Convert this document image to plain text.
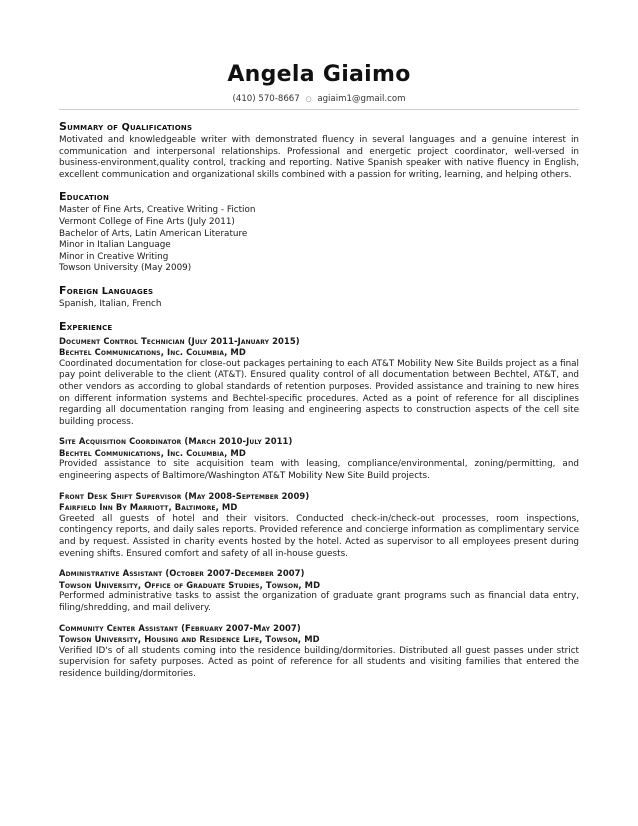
Angela Giaimo
(410) 570-8667 ○ agiaim1@gmail.com
Summary of Qualifications

Motivated and knowledgeable writer with demonstrated fluency in several languages and a genuine interest in communication and interpersonal relationships. Professional and energetic project coordinator, well-versed in business-environment,quality control, tracking and reporting. Native Spanish speaker with native fluency in English, excellent communication and organizational skills combined with a passion for writing, learning, and helping others.

Education

Master of Fine Arts, Creative Writing - Fiction

Vermont College of Fine Arts (July 2011)

Bachelor of Arts, Latin American Literature

Minor in Italian Language

Minor in Creative Writing

Towson University (May 2009)

Foreign Languages

Spanish, Italian, French

Experience

Document Control Technician (July 2011-January 2015)

Bechtel Communications, Inc. Columbia, MD

Coordinated documentation for close-out packages pertaining to each AT&T Mobility New Site Builds project as a final pay point deliverable to the client (AT&T). Ensured quality control of all documentation between Bechtel, AT&T, and other vendors as according to global standards of retention purposes. Provided assistance and training to new hires on different information systems and Bechtel-specific procedures. Acted as a point of reference for all disciplines regarding all documentation ranging from leasing and engineering aspects to construction aspects of the cell site building process.

Site Acquisition Coordinator (March 2010-July 2011)

Bechtel Communications, Inc. Columbia, MD

Provided assistance to site acquisition team with leasing, compliance/environmental, zoning/permitting, and engineering aspects of Baltimore/Washington AT&T Mobility New Site Build projects.

Front Desk Shift Supervisor (May 2008-September 2009)

Fairfield Inn By Marriott, Baltimore, MD

Greeted all guests of hotel and their visitors. Conducted check-in/check-out processes, room inspections, contingency reports, and daily sales reports. Provided reference and concierge information as complimentary service and by request. Assisted in charity events hosted by the hotel. Acted as supervisor to all employees present during evening shifts. Ensured comfort and safety of all in-house guests.

Administrative Assistant (October 2007-December 2007)

Towson University, Office of Graduate Studies, Towson, MD

Performed administrative tasks to assist the organization of graduate grant programs such as financial data entry, filing/shredding, and mail delivery.

Community Center Assistant (February 2007-May 2007)

Towson University, Housing and Residence Life, Towson, MD

Verified ID's of all students coming into the residence building/dormitories. Distributed all guest passes under strict supervision for safety purposes. Acted as point of reference for all students and visiting families that entered the residence building/dormitories.
